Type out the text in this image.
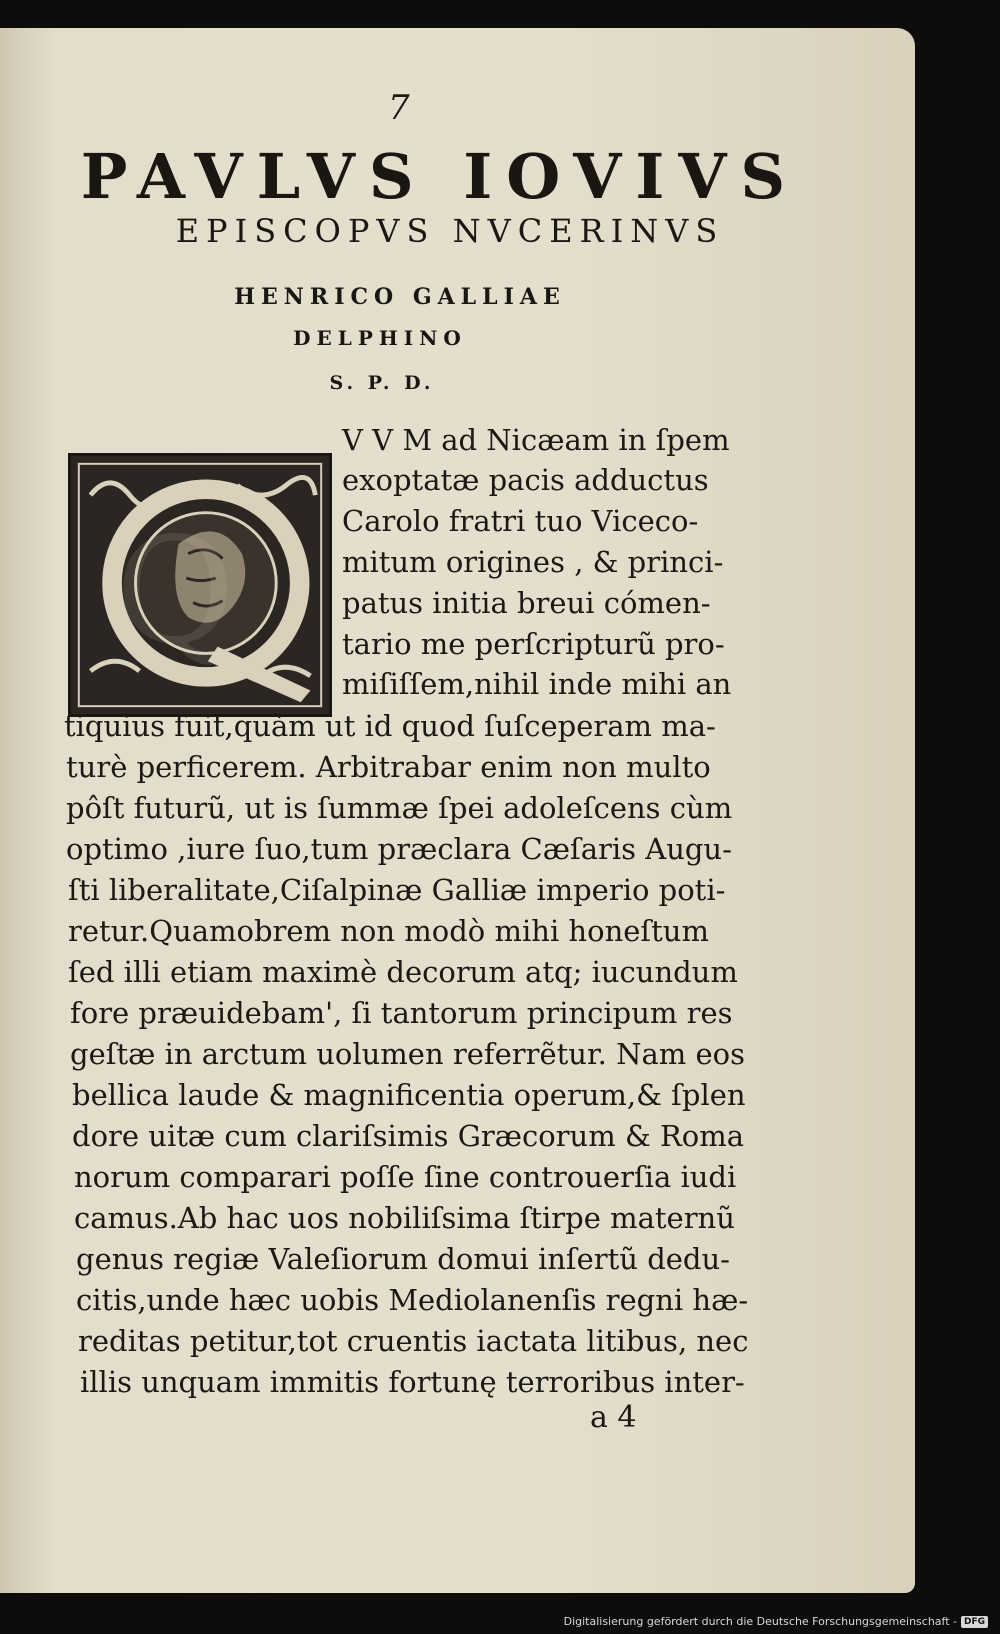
7
PAVLVS IOVIVS
EPISCOPVS NVCERINVS
HENRICO GALLIAE
DELPHINO
S. P. D.
Q
V V M ad Nicæam in ſpem
exoptatæ pacis adductus
Carolo fratri tuo Viceco-
mitum origines , & princi-
patus initia breui cómen-
tario me perſcripturũ pro-
miſiſſem,nihil inde mihi an
tiquius fuit,quàm ut id quod ſuſceperam ma-
turè perficerem. Arbitrabar enim non multo
pôſt futurũ, ut is ſummæ ſpei adoleſcens cùm
optimo ,iure ſuo,tum præclara Cæſaris Augu-
ſti liberalitate,Ciſalpinæ Galliæ imperio poti-
retur.Quamobrem non modò mihi honeſtum
ſed illi etiam maximè decorum atq; iucundum
fore præuidebam', ſi tantorum principum res
geſtæ in arctum uolumen referrẽtur. Nam eos
bellica laude & magnificentia operum,& ſplen
dore uitæ cum clariſsimis Græcorum & Roma
norum comparari poſſe ſine controuerſia iudi
camus.Ab hac uos nobiliſsima ſtirpe maternũ
genus regiæ Valeſiorum domui inſertũ dedu-
citis,unde hæc uobis Mediolanenſis regni hæ-
reditas petitur,tot cruentis iactata litibus, nec
illis unquam immitis fortunę terroribus inter-
a 4
Digitalisierung gefördert durch die Deutsche Forschungsgemeinschaft - DFG
